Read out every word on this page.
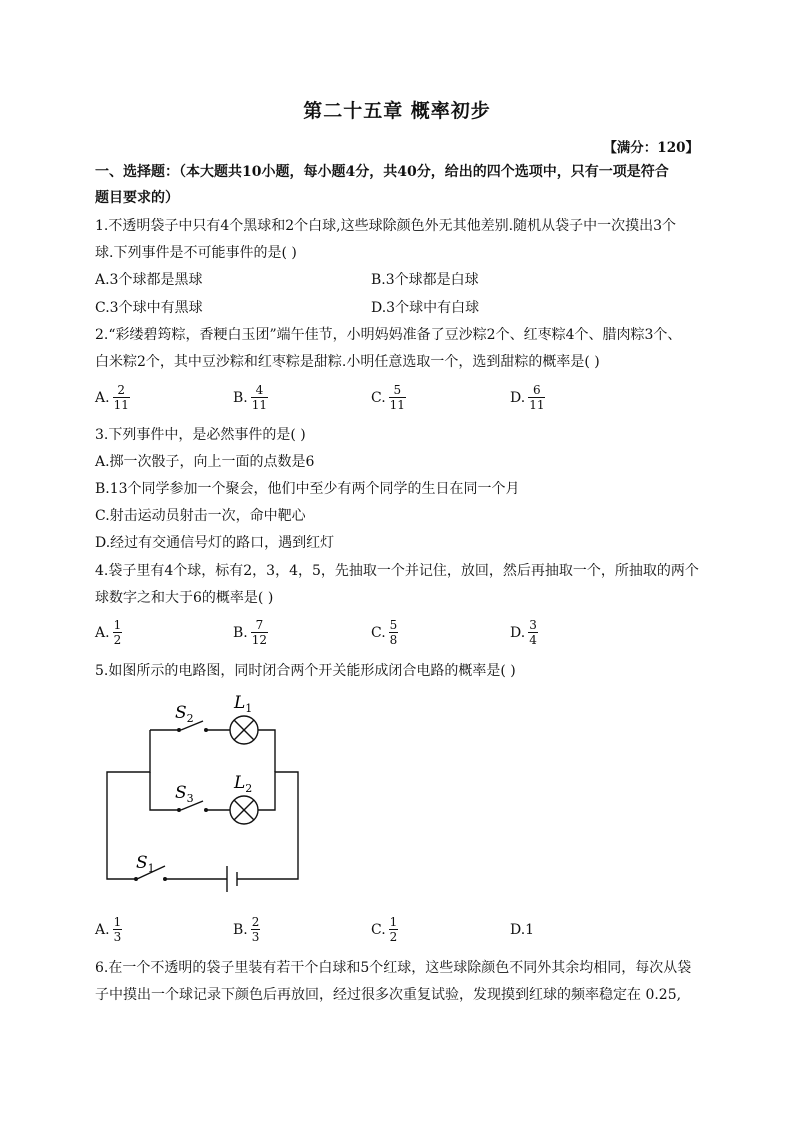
第二十五章 概率初步
【满分：120】
一、选择题：（本大题共10小题，每小题4分，共40分，给出的四个选项中，只有一项是符合
题目要求的）
1.不透明袋子中只有4个黑球和2个白球,这些球除颜色外无其他差别.随机从袋子中一次摸出3个
球.下列事件是不可能事件的是( )
A.3个球都是黑球	B.3个球都是白球
C.3个球中有黑球	D.3个球中有白球
2.“彩缕碧筠粽，香粳白玉团”端午佳节，小明妈妈准备了豆沙粽2个、红枣粽4个、腊肉粽3个、
白米粽2个，其中豆沙粽和红枣粽是甜粽.小明任意选取一个，选到甜粽的概率是( )
A. $\frac{2}{11}$	B. $\frac{4}{11}$	C. $\frac{5}{11}$	D. $\frac{6}{11}$
3.下列事件中，是必然事件的是( )
A.掷一次骰子，向上一面的点数是6
B.13个同学参加一个聚会，他们中至少有两个同学的生日在同一个月
C.射击运动员射击一次，命中靶心
D.经过有交通信号灯的路口，遇到红灯
4.袋子里有4个球，标有2，3，4，5，先抽取一个并记住，放回，然后再抽取一个，所抽取的两个
球数字之和大于6的概率是( )
A. $\frac{1}{2}$	B. $\frac{7}{12}$	C. $\frac{5}{8}$	D. $\frac{3}{4}$
5.如图所示的电路图，同时闭合两个开关能形成闭合电路的概率是( )
$S_2$
$S_3$
$S_1$
$L_1$
$L_2$
A. $\frac{1}{3}$	B. $\frac{2}{3}$	C. $\frac{1}{2}$	D.1
6.在一个不透明的袋子里装有若干个白球和5个红球，这些球除颜色不同外其余均相同，每次从袋
子中摸出一个球记录下颜色后再放回，经过很多次重复试验，发现摸到红球的频率稳定在 0.25,
